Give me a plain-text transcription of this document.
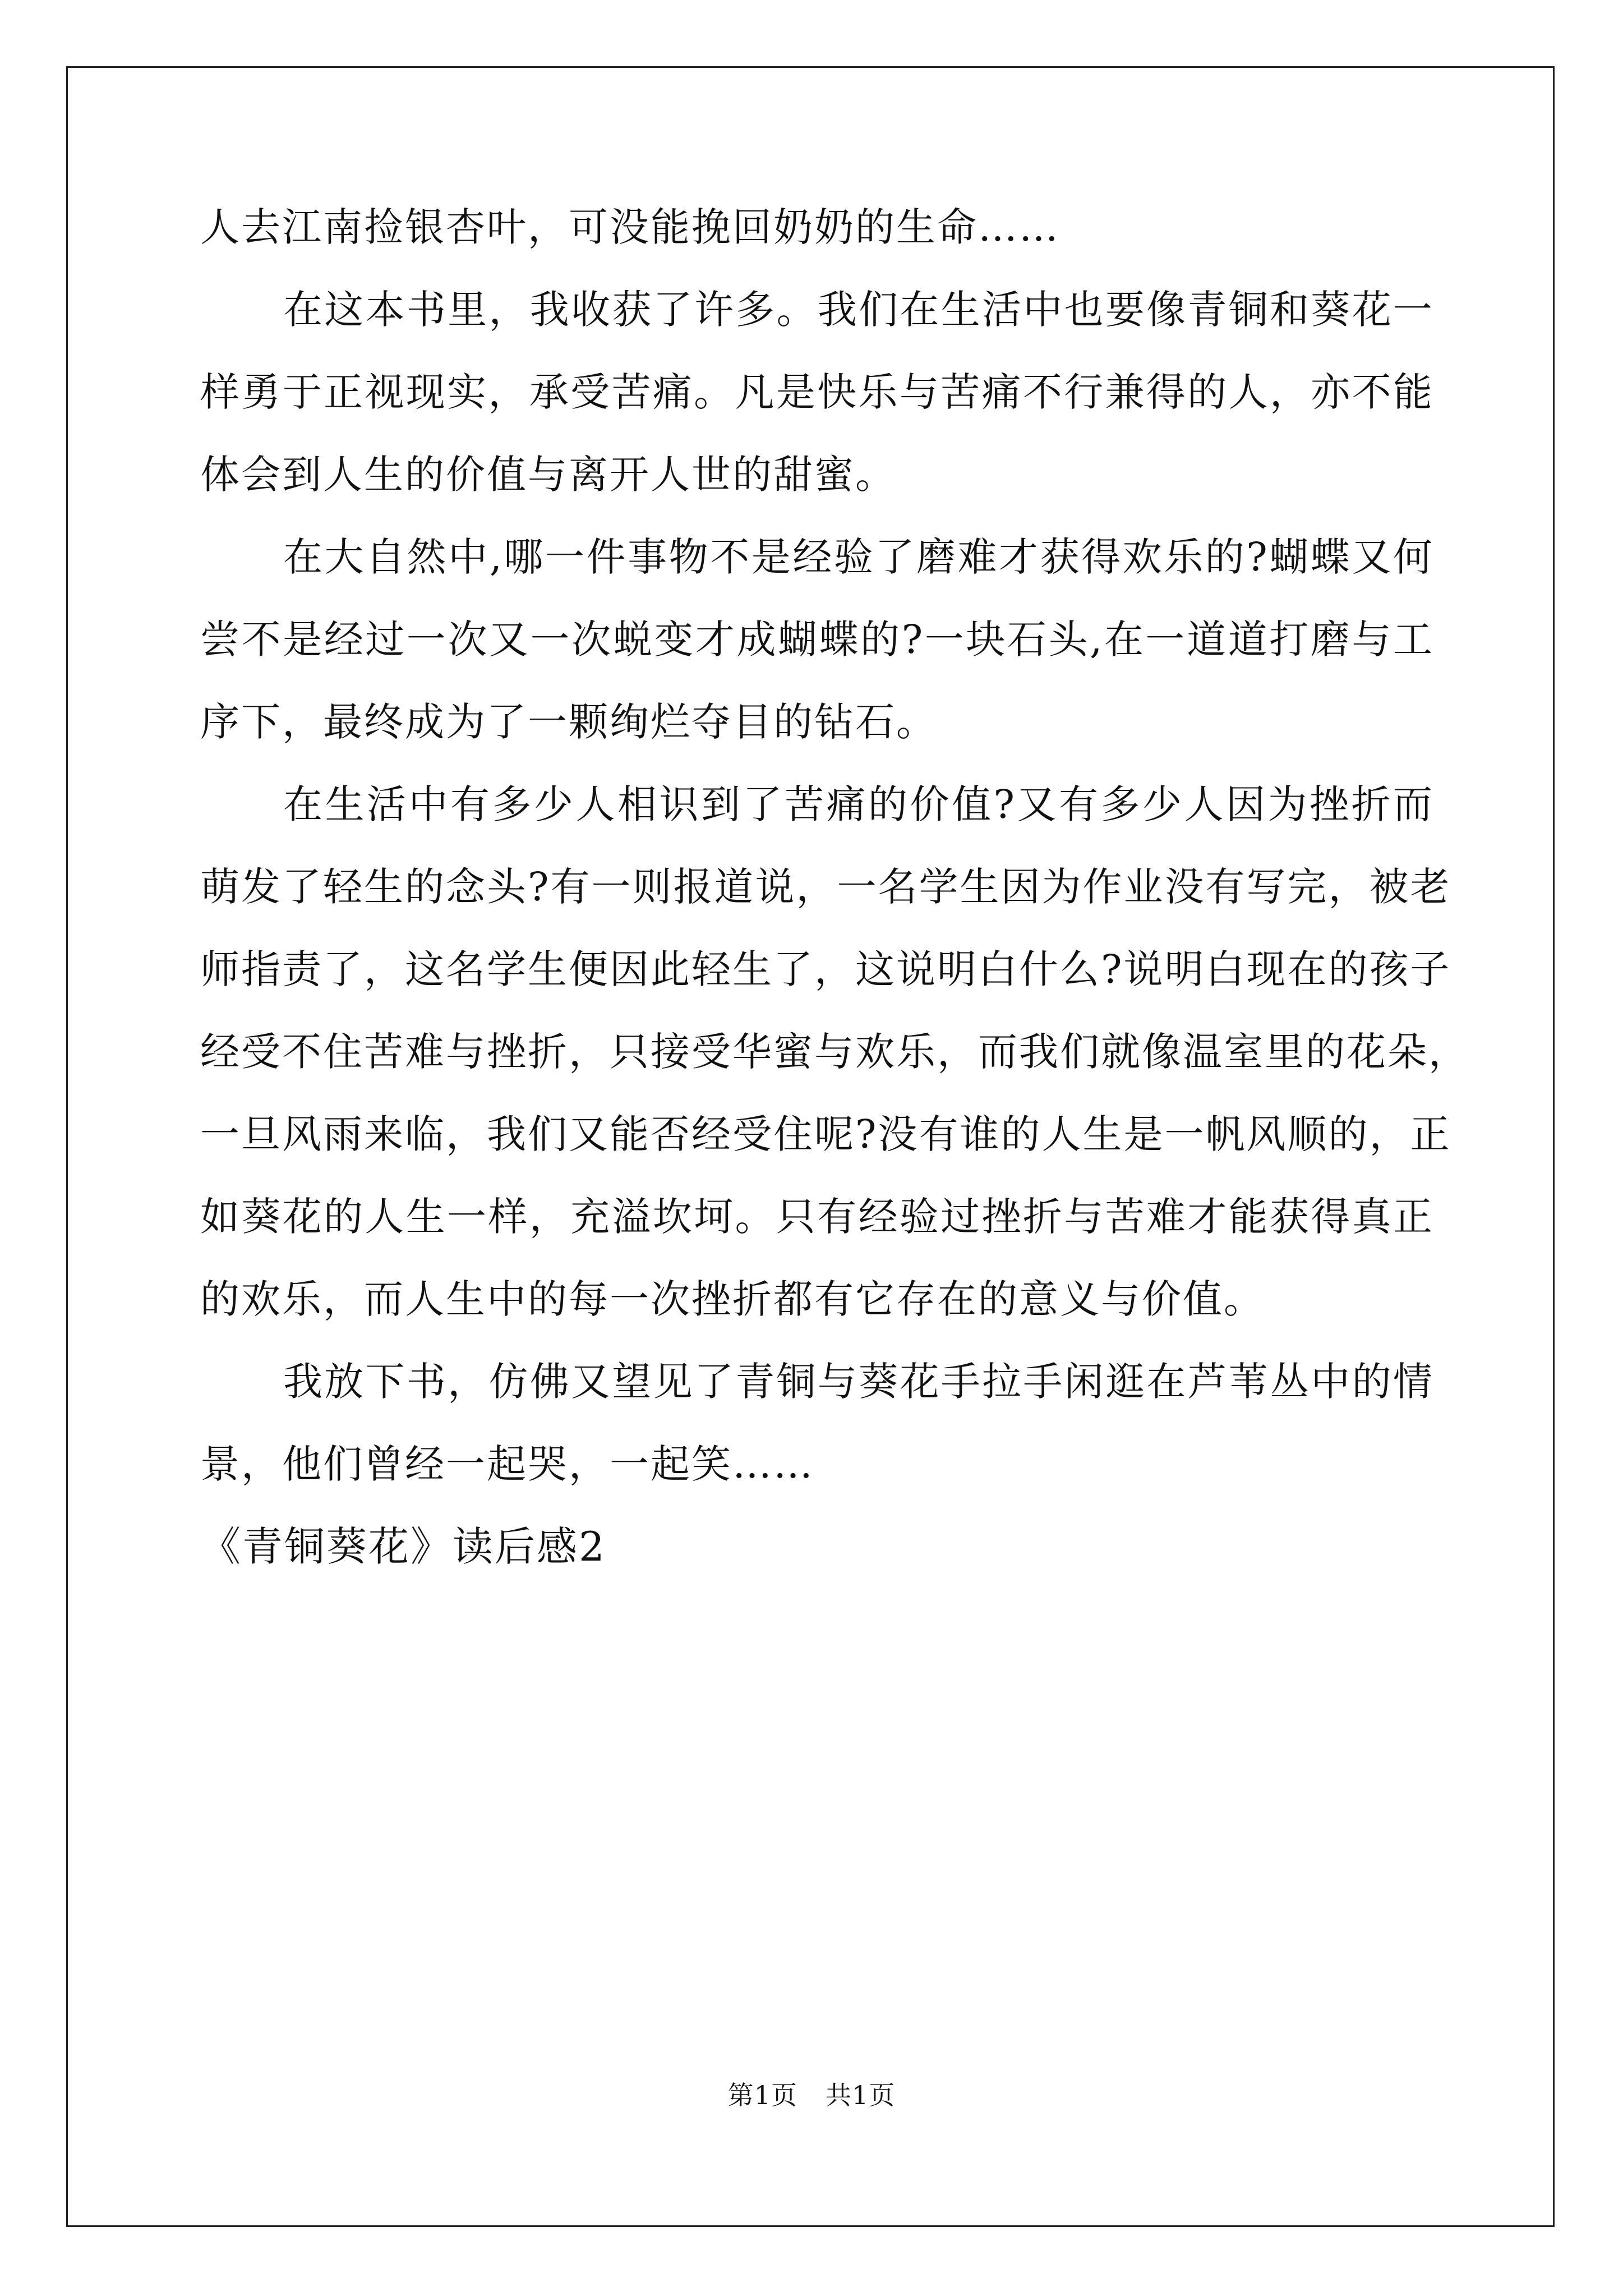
人去江南捡银杏叶，可没能挽回奶奶的生命……
在这本书里，我收获了许多。我们在生活中也要像青铜和葵花一
样勇于正视现实，承受苦痛。凡是快乐与苦痛不行兼得的人，亦不能
体会到人生的价值与离开人世的甜蜜。
在大自然中,哪一件事物不是经验了磨难才获得欢乐的?蝴蝶又何
尝不是经过一次又一次蜕变才成蝴蝶的?一块石头,在一道道打磨与工
序下，最终成为了一颗绚烂夺目的钻石。
在生活中有多少人相识到了苦痛的价值?又有多少人因为挫折而
萌发了轻生的念头?有一则报道说，一名学生因为作业没有写完，被老
师指责了，这名学生便因此轻生了，这说明白什么?说明白现在的孩子
经受不住苦难与挫折，只接受华蜜与欢乐，而我们就像温室里的花朵，
一旦风雨来临，我们又能否经受住呢?没有谁的人生是一帆风顺的，正
如葵花的人生一样，充溢坎坷。只有经验过挫折与苦难才能获得真正
的欢乐，而人生中的每一次挫折都有它存在的意义与价值。
我放下书，仿佛又望见了青铜与葵花手拉手闲逛在芦苇丛中的情
景，他们曾经一起哭，一起笑……
《青铜葵花》读后感2
第1页 共1页
